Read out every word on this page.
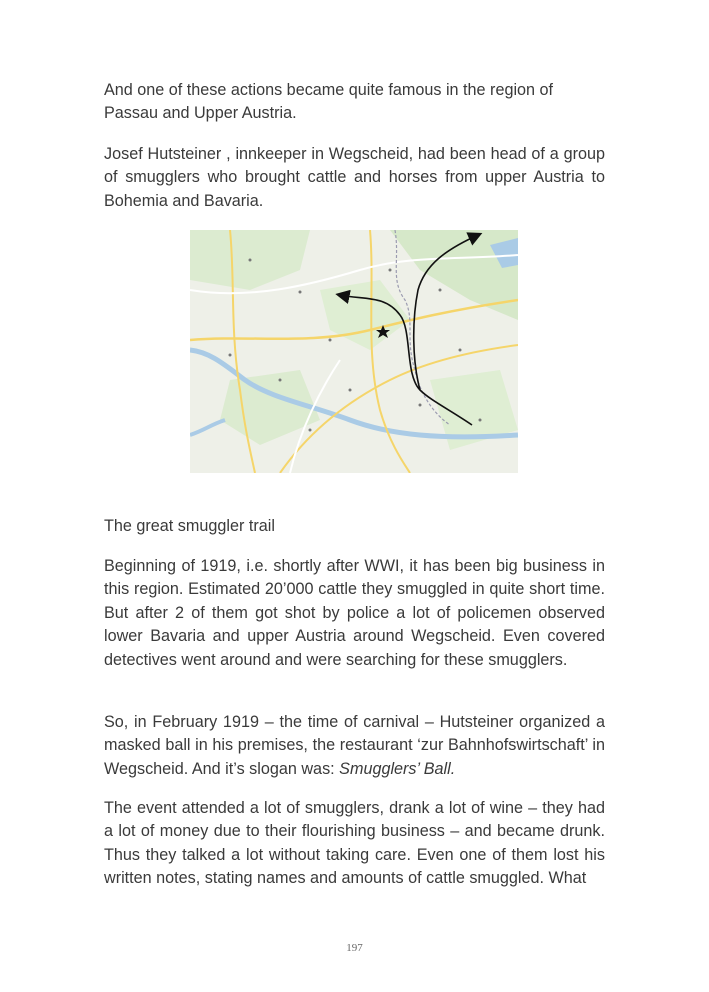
And one of these actions became quite famous in the region of Passau and Upper Austria.

Josef Hutsteiner , innkeeper in Wegscheid, had been head of a group of smugglers who brought cattle and horses from upper Austria to Bohemia and Bavaria.

The great smuggler trail

Beginning of 1919, i.e. shortly after WWI, it has been big business in this region. Estimated 20’000 cattle they smuggled in quite short time. But after 2 of them got shot by police a lot of policemen observed lower Bavaria and upper Austria around Wegscheid. Even covered detectives went around and were searching for these smugglers.

So, in February 1919 – the time of carnival – Hutsteiner organized a masked ball in his premises, the restaurant ‘zur Bahnhofswirtschaft’ in Wegscheid. And it’s slogan was: Smugglers’ Ball.

The event attended a lot of smugglers, drank a lot of wine – they had a lot of money due to their flourishing business – and became drunk. Thus they talked a lot without taking care. Even one of them lost his written notes, stating names and amounts of cattle smuggled. What

197
